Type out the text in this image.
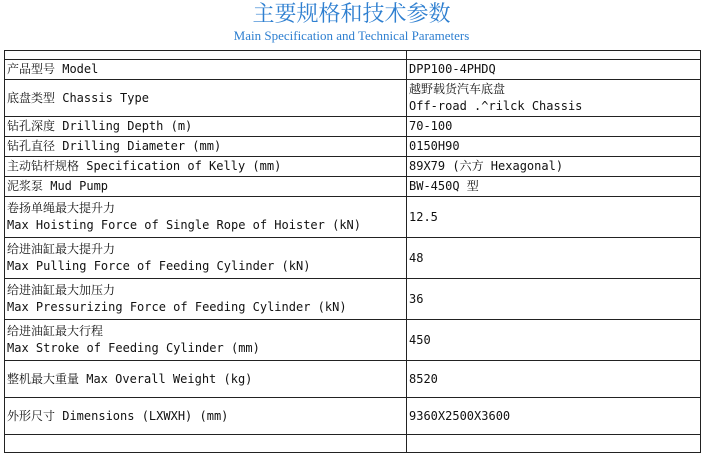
主要规格和技术参数
Main Specification and Technical Parameters

产品型号 Model	DPP100-4PHDQ
底盘类型 Chassis Type	越野载货汽车底盘
Off-road .^rilck Chassis

钻孔深度 Drilling Depth (m)	70-100
钻孔直径 Drilling Diameter (mm)	0150H90
主动钻杆规格 Specification of Kelly (mm)	89X79 (六方 Hexagonal)
泥浆泵 Mud Pump	BW-450Q 型

卷扬单绳最大提升力
Max Hoisting Force of Single Rope of Hoister (kN)	12.5

给进油缸最大提升力
Max Pulling Force of Feeding Cylinder (kN)	48

给进油缸最大加压力
Max Pressurizing Force of Feeding Cylinder (kN)	36

给进油缸最大行程
Max Stroke of Feeding Cylinder (mm)	450
整机最大重量 Max Overall Weight (kg)	8520
外形尺寸 Dimensions (LXWXH) (mm)	9360X2500X3600
